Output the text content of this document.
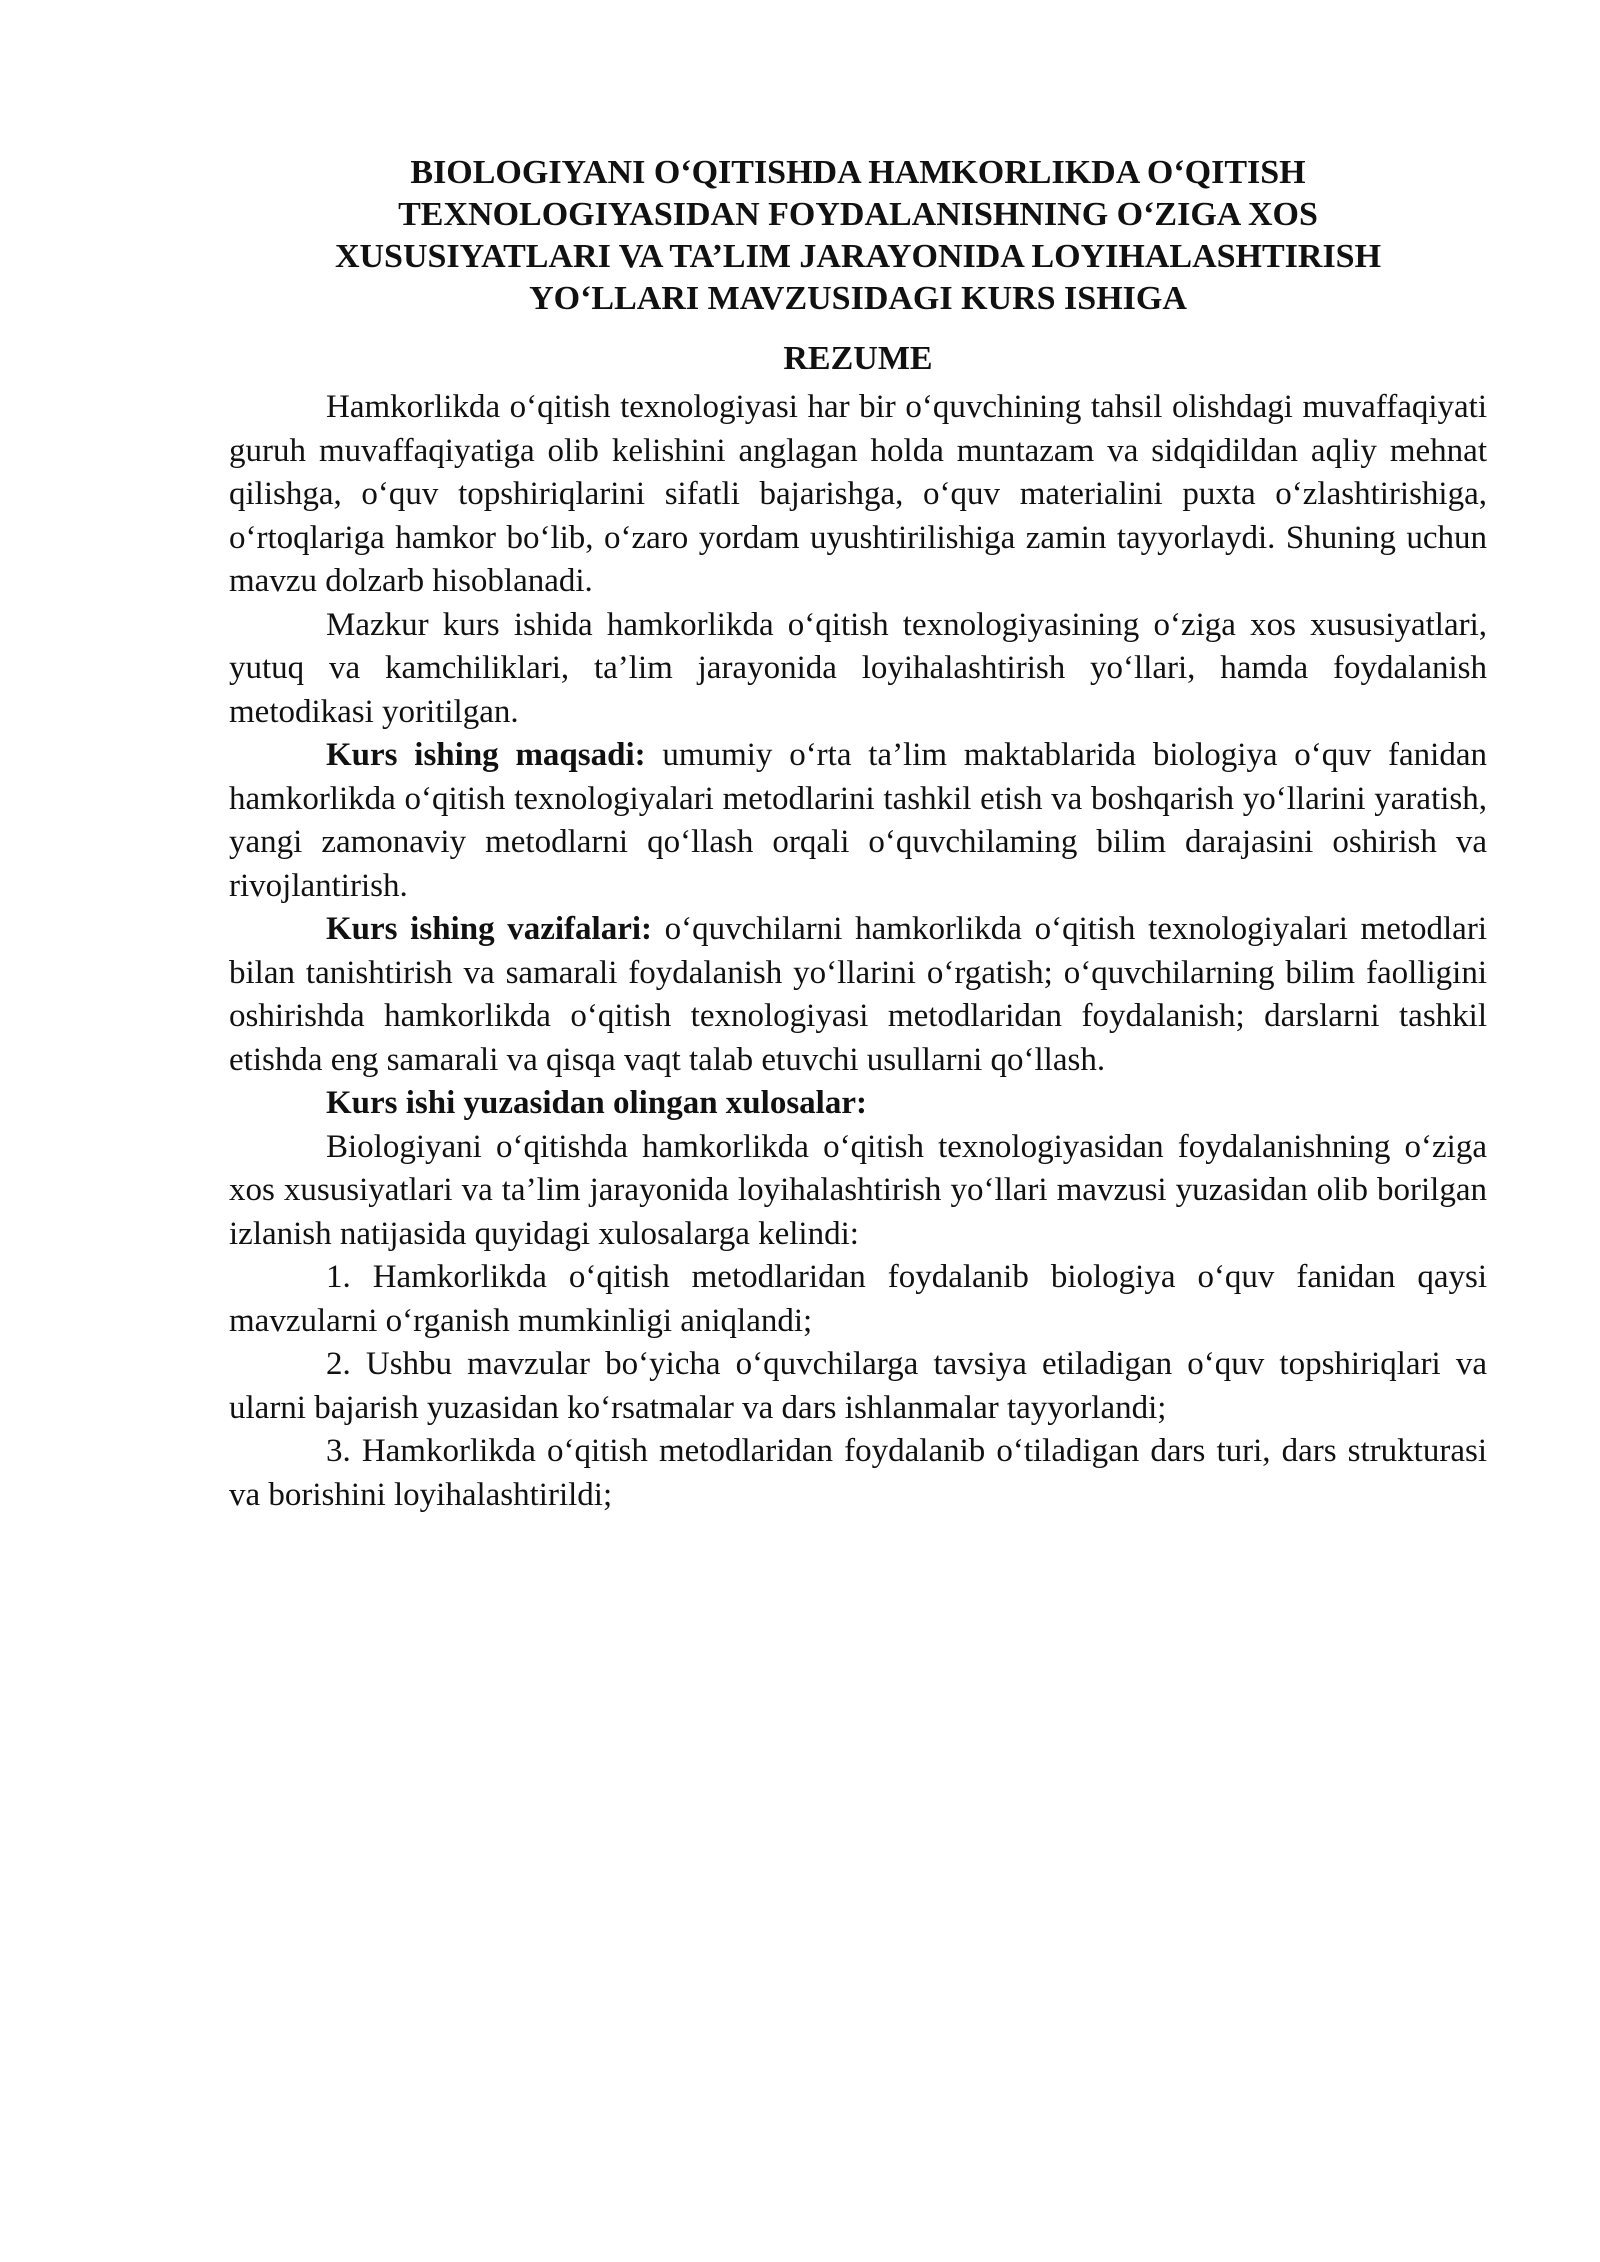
BIOLOGIYANI O‘QITISHDA HAMKORLIKDA O‘QITISH
TEXNOLOGIYASIDAN FOYDALANISHNING O‘ZIGA XOS
XUSUSIYATLARI VA TA’LIM JARAYONIDA LOYIHALASHTIRISH
YO‘LLARI MAVZUSIDAGI KURS ISHIGA
REZUME

Hamkorlikda o‘qitish texnologiyasi har bir o‘quvchining tahsil olishdagi muvaffaqiyati guruh muvaffaqiyatiga olib kelishini anglagan holda muntazam va sidqidildan aqliy mehnat qilishga, o‘quv topshiriqlarini sifatli bajarishga, o‘quv materialini puxta o‘zlashtirishiga, o‘rtoqlariga hamkor bo‘lib, o‘zaro yordam uyushtirilishiga zamin tayyorlaydi. Shuning uchun mavzu dolzarb hisoblanadi.

Mazkur kurs ishida hamkorlikda o‘qitish texnologiyasining o‘ziga xos xususiyatlari, yutuq va kamchiliklari, ta’lim jarayonida loyihalashtirish yo‘llari, hamda foydalanish metodikasi yoritilgan.

Kurs ishing maqsadi: umumiy o‘rta ta’lim maktablarida biologiya o‘quv fanidan hamkorlikda o‘qitish texnologiyalari metodlarini tashkil etish va boshqarish yo‘llarini yaratish, yangi zamonaviy metodlarni qo‘llash orqali o‘quvchilaming bilim darajasini oshirish va rivojlantirish.

Kurs ishing vazifalari: o‘quvchilarni hamkorlikda o‘qitish texnologiyalari metodlari bilan tanishtirish va samarali foydalanish yo‘llarini o‘rgatish; o‘quvchilarning bilim faolligini oshirishda hamkorlikda o‘qitish texnologiyasi metodlaridan foydalanish; darslarni tashkil etishda eng samarali va qisqa vaqt talab etuvchi usullarni qo‘llash.

Kurs ishi yuzasidan olingan xulosalar:

Biologiyani o‘qitishda hamkorlikda o‘qitish texnologiyasidan foydalanishning o‘ziga xos xususiyatlari va ta’lim jarayonida loyihalashtirish yo‘llari mavzusi yuzasidan olib borilgan izlanish natijasida quyidagi xulosalarga kelindi:

1. Hamkorlikda o‘qitish metodlaridan foydalanib biologiya o‘quv fanidan qaysi mavzularni o‘rganish mumkinligi aniqlandi;

2. Ushbu mavzular bo‘yicha o‘quvchilarga tavsiya etiladigan o‘quv topshiriqlari va ularni bajarish yuzasidan ko‘rsatmalar va dars ishlanmalar tayyorlandi;

3. Hamkorlikda o‘qitish metodlaridan foydalanib o‘tiladigan dars turi, dars strukturasi va borishini loyihalashtirildi;
